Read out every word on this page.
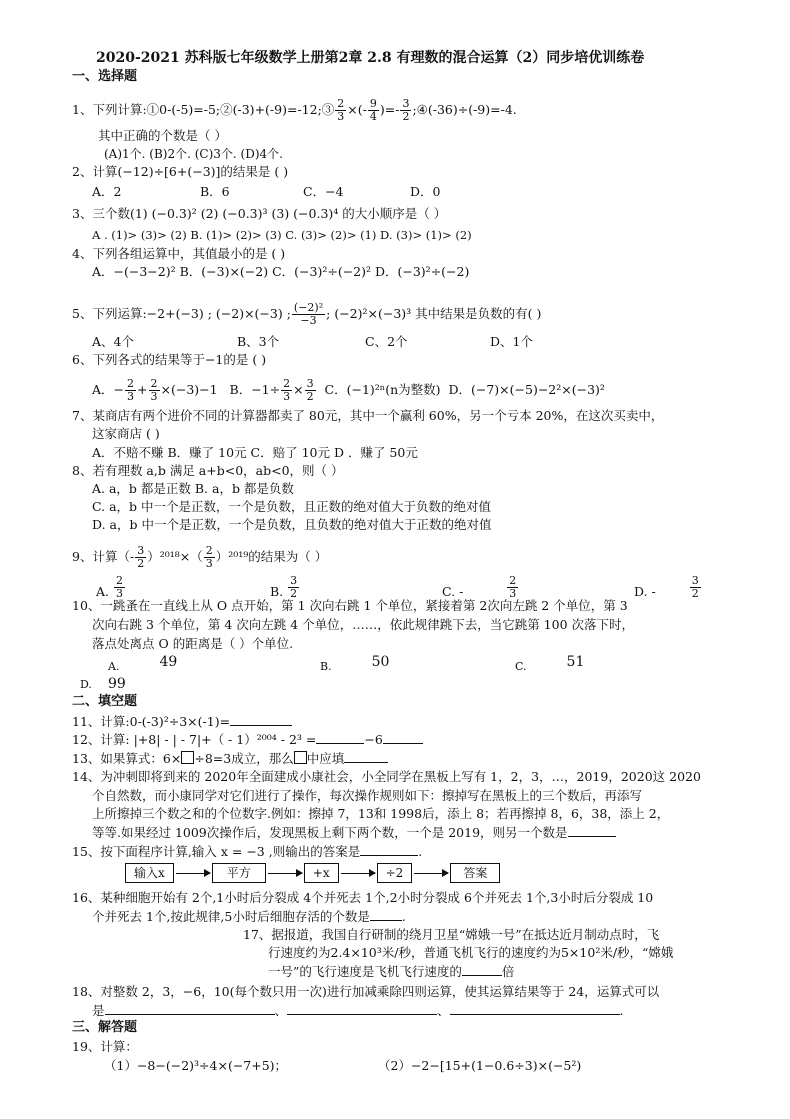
2020-2021 苏科版七年级数学上册第2章 2.8 有理数的混合运算（2）同步培优训练卷
一、选择题
1、下列计算:①0-(-5)=-5;②(-3)+(-9)=-12;③ $\frac{2}{3}$ ×(- $\frac{9}{4}$ )=- $\frac{3}{2}$ ;④(-36)÷(-9)=-4.
其中正确的个数是（ ）
(A)1个. (B)2个. (C)3个. (D)4个.
2、计算(−12)÷[6+(−3)]的结果是 ( )
A．2	B．6	C．−4	D．0
3、三个数(1) (−0.3)² (2) (−0.3)³ (3) (−0.3)⁴ 的大小顺序是（ ）
A . (1)> (3)> (2) B. (1)> (2)> (3) C. (3)> (2)> (1) D. (3)> (1)> (2)
4、下列各组运算中，其值最小的是 ( )
A．−(−3−2)² B．(−3)×(−2) C．(−3)²÷(−2)² D．(−3)²÷(−2)
5、下列运算:−2+(−3) ; (−2)×(−3) ; $\frac{\text{(−2)²}}{-3}$ ; (−2)²×(−3)³ 其中结果是负数的有( )
A、4个	B、3个	C、2个	D、1个
6、下列各式的结果等于−1的是 ( )
A．− $\frac{2}{3} + \frac{2}{3} \times(-3)-1$ B．$-1\div \frac{2}{3} \times \frac{3}{2}$ C．(−1)²ⁿ(n为整数) D．(−7)×(−5)−2²×(−3)²
7、某商店有两个进价不同的计算器都卖了 80元，其中一个赢利 60%，另一个亏本 20%，在这次买卖中，
这家商店 ( )
A．不赔不赚 B．赚了 10元 C．赔了 10元 D ．赚了 50元
8、若有理数 a,b 满足 a+b<0，ab<0，则（ ）
A. a，b 都是正数 B. a，b 都是负数
C. a，b 中一个是正数，一个是负数，且正数的绝对值大于负数的绝对值
D. a，b 中一个是正数，一个是负数，且负数的绝对值大于正数的绝对值
9、计算（- $\frac{3}{2} )^{2018}\times( \frac{2}{3} )^{2019}$的结果为（ ）
A. $\frac{2}{3}$	B. $\frac{3}{2}$	C. -	$\frac{2}{3}$	D. -	$\frac{3}{2}$
10、一跳蚤在一直线上从 O 点开始，第 1 次向右跳 1 个单位，紧接着第 2次向左跳 2 个单位，第 3
次向右跳 3 个单位，第 4 次向左跳 4 个单位，……，依此规律跳下去，当它跳第 100 次落下时，
落点处离点 O 的距离是（ ）个单位.
A.	49	B.	50	C.	51
D. 99
二、填空题
11、计算:0-(-3)²÷3×(-1)=
12、计算: |+8| - | - 7|+（ - 1）²⁰⁰⁴ - 2³ =	−6
13、如果算式：6× ÷8=3成立，那么 中应填
14、为冲刺即将到来的 2020年全面建成小康社会，小全同学在黑板上写有 1，2，3，…，2019，2020这 2020
个自然数，而小康同学对它们进行了操作，每次操作规则如下：擦掉写在黑板上的三个数后，再添写
上所擦掉三个数之和的个位数字.例如：擦掉 7，13和 1998后，添上 8；若再擦掉 8，6，38，添上 2，
等等.如果经过 1009次操作后，发现黑板上剩下两个数，一个是 2019，则另一个数是
15、按下面程序计算,输入 x = −3 ,则输出的答案是	.
输入x	平方	+x	÷2	答案
16、某种细胞开始有 2个,1小时后分裂成 4个并死去 1个,2小时分裂成 6个并死去 1个,3小时后分裂成 10
个并死去 1个,按此规律,5小时后细胞存活的个数是	.
17、据报道，我国自行研制的绕月卫星“嫦娥一号”在抵达近月制动点时，飞
行速度约为2.4×10³米/秒，普通飞机飞行的速度约为5×10²米/秒，“嫦娥
一号”的飞行速度是飞机飞行速度的	倍
18、对整数 2，3，−6，10(每个数只用一次)进行加减乘除四则运算，使其运算结果等于 24，运算式可以
是	、	、	.
三、解答题
19、计算：
（1）−8−(−2)³÷4×(−7+5)；	（2）−2−[15+(1−0.6÷3)×(−5²)
